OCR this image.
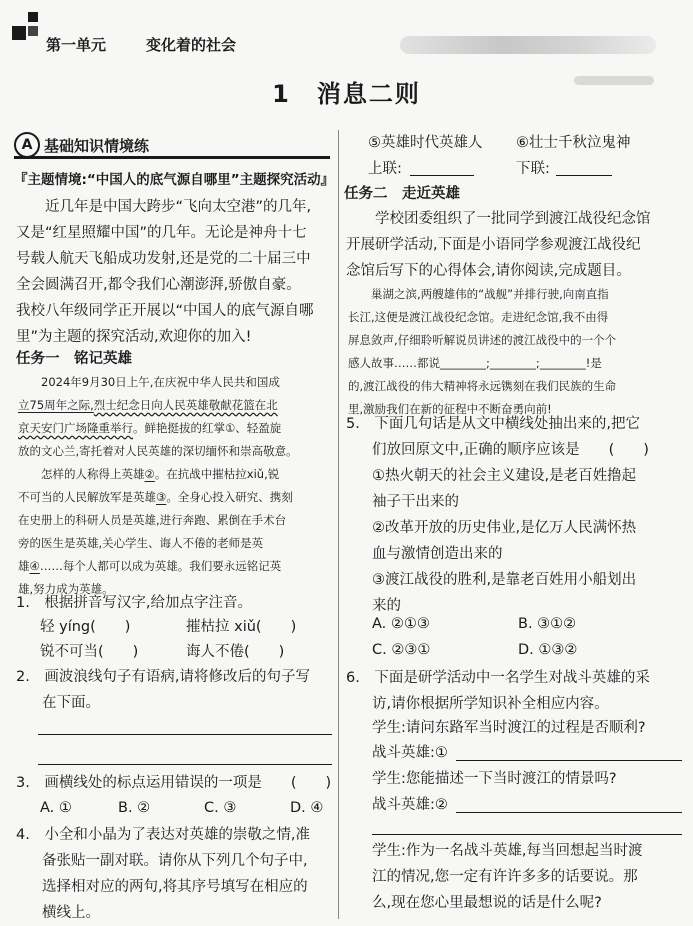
第一单元	变化着的社会
1　消息二则
A 基础知识情境练
『主题情境:“中国人的底气源自哪里”主题探究活动』
近几年是中国大跨步“飞向太空港”的几年,
又是“红星照耀中国”的几年。无论是神舟十七
号载人航天飞船成功发射,还是党的二十届三中
全会圆满召开,都令我们心潮澎湃,骄傲自豪。
我校八年级同学正开展以“中国人的底气源自哪
里”为主题的探究活动,欢迎你的加入!
任务一　铭记英雄
2024年9月30日上午,在庆祝中华人民共和国成
立75周年之际,烈士纪念日向人民英雄敬献花篮在北
京天安门广场隆重举行。鲜艳挺拔的红掌①、轻盈旋
放的文心兰,寄托着对人民英雄的深切缅怀和崇高敬意。
怎样的人称得上英雄②。在抗战中摧枯拉xiǔ,锐
不可当的人民解放军是英雄③。全身心投入研究、携刻
在史册上的科研人员是英雄,进行奔跑、累倒在手术台
旁的医生是英雄,关心学生、诲人不倦的老师是英
雄④……每个人都可以成为英雄。我们要永远铭记英
雄,努力成为英雄。
1.　根据拼音写汉字,给加点字注音。
轻 yíng(　　)	摧枯拉 xiǔ(　　)
锐不可当(　　)	诲人不倦(　　)
2.　画波浪线句子有语病,请将修改后的句子写
在下面。
3.　画横线处的标点运用错误的一项是　　(　　)
A. ①	B. ②	C. ③	D. ④
4.　小全和小晶为了表达对英雄的崇敬之情,准
备张贴一副对联。请你从下列几个句子中,
选择相对应的两句,将其序号填写在相应的
横线上。
⑤英雄时代英雄人 ⑥壮士千秋泣鬼神
上联:	下联:
任务二　走近英雄
学校团委组织了一批同学到渡江战役纪念馆
开展研学活动,下面是小语同学参观渡江战役纪
念馆后写下的心得体会,请你阅读,完成题目。
巢湖之滨,两艘雄伟的“战舰”并排行驶,向南直指
长江,这便是渡江战役纪念馆。走进纪念馆,我不由得
屏息敛声,仔细聆听解说员讲述的渡江战役中的一个个
感人故事……都说________;________;________!是
的,渡江战役的伟大精神将永远镌刻在我们民族的生命
里,激励我们在新的征程中不断奋勇向前!
5.　下面几句话是从文中横线处抽出来的,把它
们放回原文中,正确的顺序应该是　　(　　)
①热火朝天的社会主义建设,是老百姓撸起
袖子干出来的
②改革开放的历史伟业,是亿万人民满怀热
血与激情创造出来的
③渡江战役的胜利,是靠老百姓用小船划出
来的
A. ②①③	B. ③①②
C. ②③①	D. ①③②
6.　下面是研学活动中一名学生对战斗英雄的采
访,请你根据所学知识补全相应内容。
学生:请问东路军当时渡江的过程是否顺利?
战斗英雄:①
学生:您能描述一下当时渡江的情景吗?
战斗英雄:②
学生:作为一名战斗英雄,每当回想起当时渡
江的情况,您一定有许许多多的话要说。那
么,现在您心里最想说的话是什么呢?
